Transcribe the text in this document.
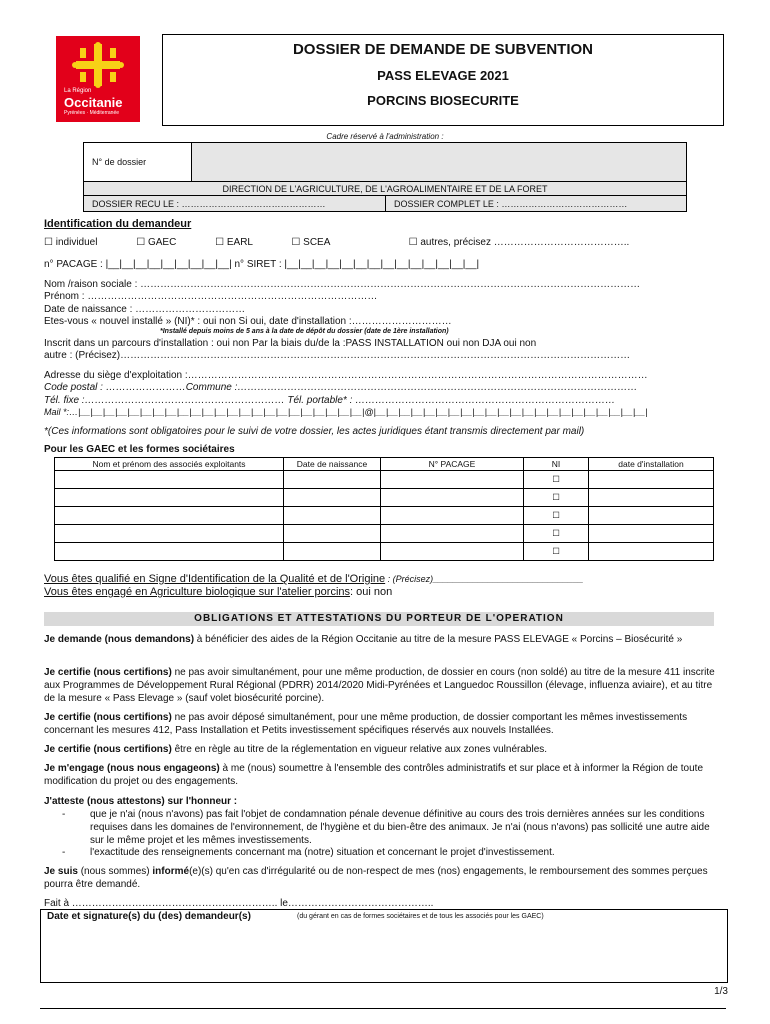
La Région
Occitanie
Pyrénées · Méditerranée
DOSSIER DE DEMANDE DE SUBVENTION
PASS ELEVAGE 2021
PORCINS BIOSECURITE
Cadre réservé à l'administration :
N° de dossier
DIRECTION DE L'AGRICULTURE, DE L'AGROALIMENTAIRE ET DE LA FORET
DOSSIER RECU LE : …………………………………………	DOSSIER COMPLET LE : ……………………………………
Identification du demandeur
☐ individuel ☐	GAEC ☐	EARL ☐	SCEA ☐	autres, précisez …………………………………..
n° PACAGE : |__|__|__|__|__|__|__|__|__| n° SIRET : |__|__|__|__|__|__|__|__|__|__|__|__|__|__|
Nom /raison sociale : ……………………………………………………………………………………………………………………………………
Prénom : ……………………………………………………………………………
Date de naissance : ……………………………
Etes-vous « nouvel installé » (NI)* : oui non Si oui, date d'installation :…………………………
*Installé depuis moins de 5 ans à la date de dépôt du dossier (date de 1ère installation)
Inscrit dans un parcours d'installation : oui non Par la biais du/de la :PASS INSTALLATION oui non DJA oui non
autre : (Précisez)………………………………………………………………………………………………………………………………………
Adresse du siège d'exploitation :…………………………………………………………………………………………………………………………
Code postal : ……………………Commune :…………………………………………………………………………………………………………
Tél. fixe :…………………………………………………… Tél. portable* : ……………………………………………………………………
Mail *:…|__|__|__|__|__|__|__|__|__|__|__|__|__|__|__|__|__|__|__|__|__|__|__|@|__|__|__|__|__|__|__|__|__|__|__|__|__|__|__|__|__|__|__|__|__|__|
*(Ces informations sont obligatoires pour le suivi de votre dossier, les actes juridiques étant transmis directement par mail)
Pour les GAEC et les formes sociétaires
Nom et prénom des associés exploitants	Date de naissance	N° PACAGE	NI	date d'installation
			☐	
			☐	
			☐	
			☐	
			☐	
Vous êtes qualifié en Signe d'Identification de la Qualité et de l'Origine : (Précisez)______________________________
Vous êtes engagé en Agriculture biologique sur l'atelier porcins: oui non
OBLIGATIONS ET ATTESTATIONS DU PORTEUR DE L'OPERATION

Je demande (nous demandons) à bénéficier des aides de la Région Occitanie au titre de la mesure PASS ELEVAGE « Porcins – Biosécurité »

Je certifie (nous certifions) ne pas avoir simultanément, pour une même production, de dossier en cours (non soldé) au titre de la mesure 411 inscrite aux Programmes de Développement Rural Régional (PDRR) 2014/2020 Midi-Pyrénées et Languedoc Roussillon (élevage, influenza aviaire), et au titre de la mesure « Pass Elevage » (sauf volet biosécurité porcine).

Je certifie (nous certifions) ne pas avoir déposé simultanément, pour une même production, de dossier comportant les mêmes investissements concernant les mesures 412, Pass Installation et Petits investissement spécifiques réservés aux nouvels Installées.

Je certifie (nous certifions) être en règle au titre de la réglementation en vigueur relative aux zones vulnérables.

Je m'engage (nous nous engageons) à me (nous) soumettre à l'ensemble des contrôles administratifs et sur place et à informer la Région de toute modification du projet ou des engagements.

J'atteste (nous attestons) sur l'honneur :

- que je n'ai (nous n'avons) pas fait l'objet de condamnation pénale devenue définitive au cours des trois dernières années sur les conditions requises dans les domaines de l'environnement, de l'hygiène et du bien-être des animaux. Je n'ai (nous n'avons) pas sollicité une autre aide sur le même projet et les mêmes investissements.
- l'exactitude des renseignements concernant ma (notre) situation et concernant le projet d'investissement.

Je suis (nous sommes) informé(e)(s) qu'en cas d'irrégularité ou de non-respect de mes (nos) engagements, le remboursement des sommes perçues pourra être demandé.

Fait à …………………………………………………….. le……………………………………..
Date et signature(s) du (des) demandeur(s)	(du gérant en cas de formes sociétaires et de tous les associés pour les GAEC)
1/3
